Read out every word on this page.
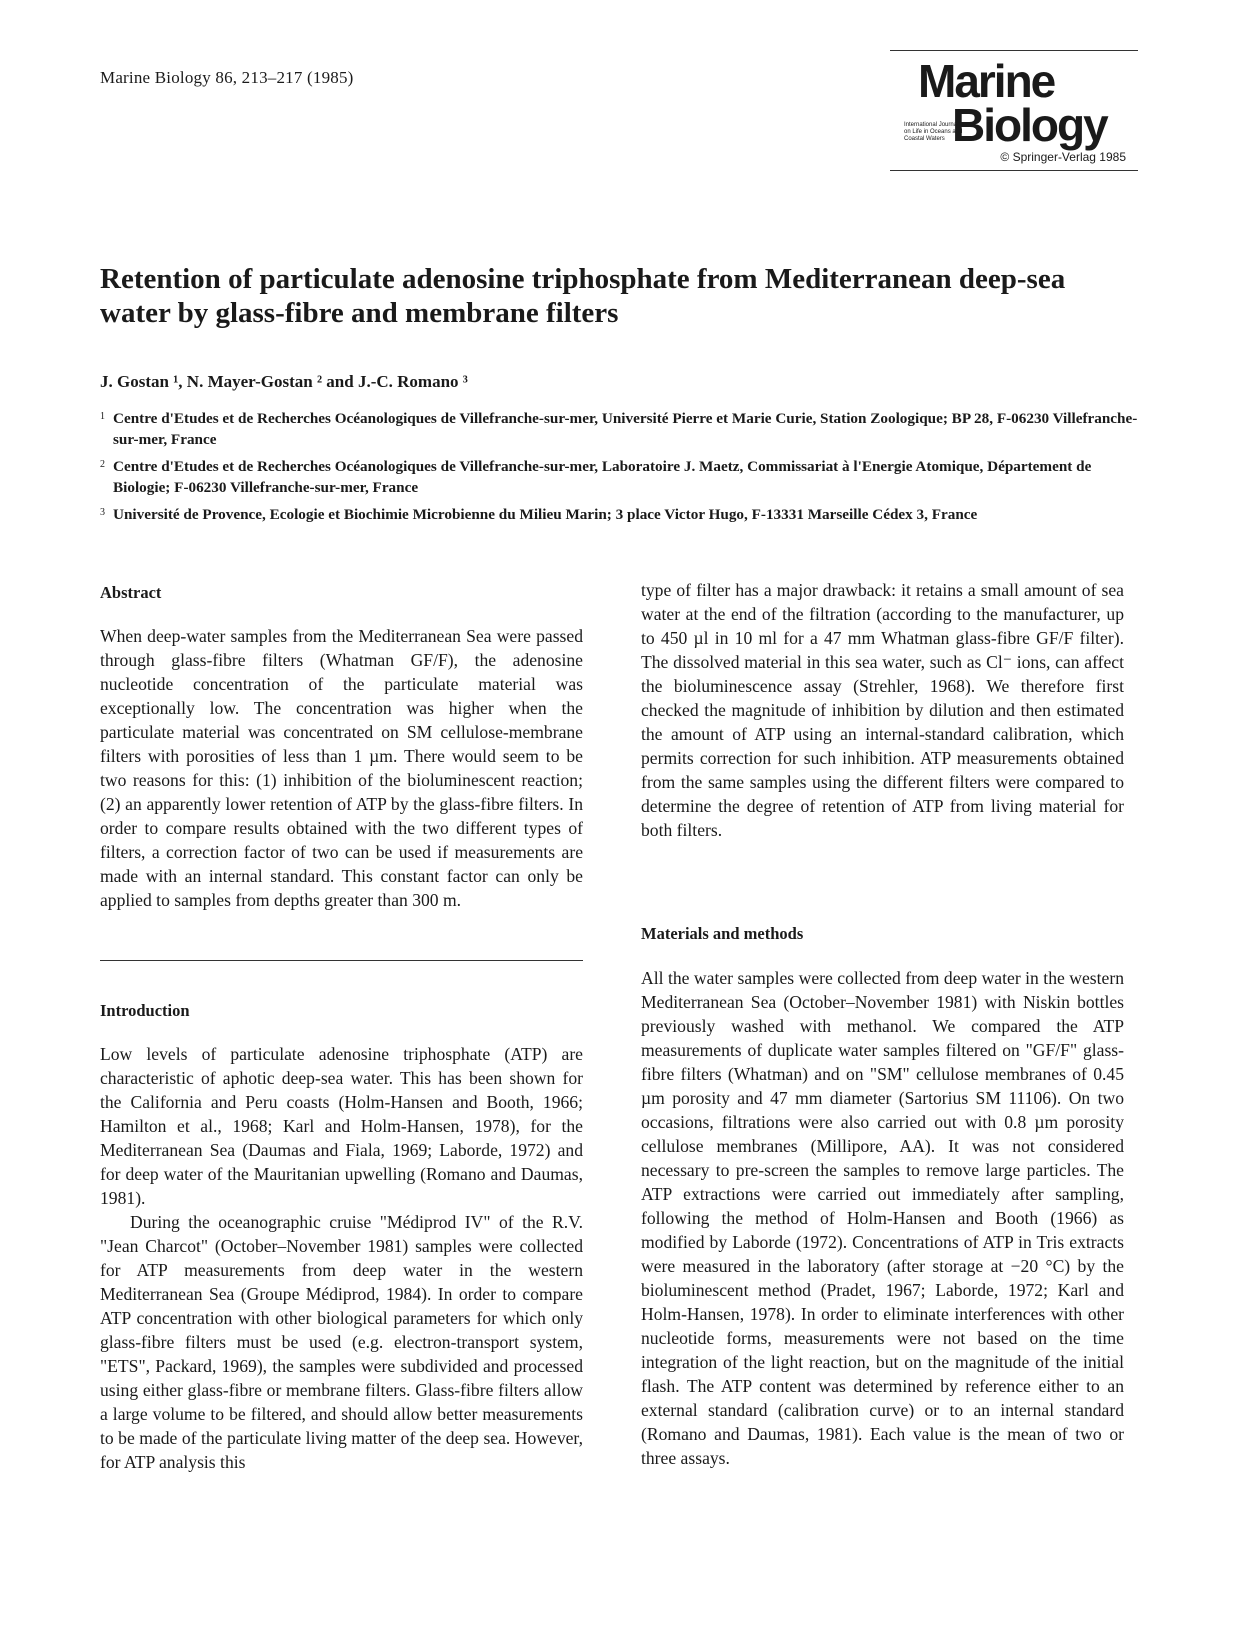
Marine Biology 86, 213–217 (1985)	Marine
International Journal on Life in Oceans and Coastal Waters Biology
© Springer-Verlag 1985
Retention of particulate adenosine triphosphate from Mediterranean deep-sea water by glass-fibre and membrane filters
J. Gostan ¹, N. Mayer-Gostan ² and J.-C. Romano ³
1 Centre d'Etudes et de Recherches Océanologiques de Villefranche-sur-mer, Université Pierre et Marie Curie, Station Zoologique; BP 28, F-06230 Villefranche-sur-mer, France
2 Centre d'Etudes et de Recherches Océanologiques de Villefranche-sur-mer, Laboratoire J. Maetz, Commissariat à l'Energie Atomique, Département de Biologie; F-06230 Villefranche-sur-mer, France
3 Université de Provence, Ecologie et Biochimie Microbienne du Milieu Marin; 3 place Victor Hugo, F-13331 Marseille Cédex 3, France
Abstract

When deep-water samples from the Mediterranean Sea were passed through glass-fibre filters (Whatman GF/F), the adenosine nucleotide concentration of the particulate material was exceptionally low. The concentration was higher when the particulate material was concentrated on SM cellulose-membrane filters with porosities of less than 1 µm. There would seem to be two reasons for this: (1) inhibition of the bioluminescent reaction; (2) an apparently lower retention of ATP by the glass-fibre filters. In order to compare results obtained with the two different types of filters, a correction factor of two can be used if measurements are made with an internal standard. This constant factor can only be applied to samples from depths greater than 300 m.

Introduction

Low levels of particulate adenosine triphosphate (ATP) are characteristic of aphotic deep-sea water. This has been shown for the California and Peru coasts (Holm-Hansen and Booth, 1966; Hamilton et al., 1968; Karl and Holm-Hansen, 1978), for the Mediterranean Sea (Daumas and Fiala, 1969; Laborde, 1972) and for deep water of the Mauritanian upwelling (Romano and Daumas, 1981).

During the oceanographic cruise "Médiprod IV" of the R.V. "Jean Charcot" (October–November 1981) samples were collected for ATP measurements from deep water in the western Mediterranean Sea (Groupe Médiprod, 1984). In order to compare ATP concentration with other biological parameters for which only glass-fibre filters must be used (e.g. electron-transport system, "ETS", Packard, 1969), the samples were subdivided and processed using either glass-fibre or membrane filters. Glass-fibre filters allow a large volume to be filtered, and should allow better measurements to be made of the particulate living matter of the deep sea. However, for ATP analysis this

type of filter has a major drawback: it retains a small amount of sea water at the end of the filtration (according to the manufacturer, up to 450 µl in 10 ml for a 47 mm Whatman glass-fibre GF/F filter). The dissolved material in this sea water, such as Cl⁻ ions, can affect the bioluminescence assay (Strehler, 1968). We therefore first checked the magnitude of inhibition by dilution and then estimated the amount of ATP using an internal-standard calibration, which permits correction for such inhibition. ATP measurements obtained from the same samples using the different filters were compared to determine the degree of retention of ATP from living material for both filters.

Materials and methods

All the water samples were collected from deep water in the western Mediterranean Sea (October–November 1981) with Niskin bottles previously washed with methanol. We compared the ATP measurements of duplicate water samples filtered on "GF/F" glass-fibre filters (Whatman) and on "SM" cellulose membranes of 0.45 µm porosity and 47 mm diameter (Sartorius SM 11106). On two occasions, filtrations were also carried out with 0.8 µm porosity cellulose membranes (Millipore, AA). It was not considered necessary to pre-screen the samples to remove large particles. The ATP extractions were carried out immediately after sampling, following the method of Holm-Hansen and Booth (1966) as modified by Laborde (1972). Concentrations of ATP in Tris extracts were measured in the laboratory (after storage at −20 °C) by the bioluminescent method (Pradet, 1967; Laborde, 1972; Karl and Holm-Hansen, 1978). In order to eliminate interferences with other nucleotide forms, measurements were not based on the time integration of the light reaction, but on the magnitude of the initial flash. The ATP content was determined by reference either to an external standard (calibration curve) or to an internal standard (Romano and Daumas, 1981). Each value is the mean of two or three assays.
